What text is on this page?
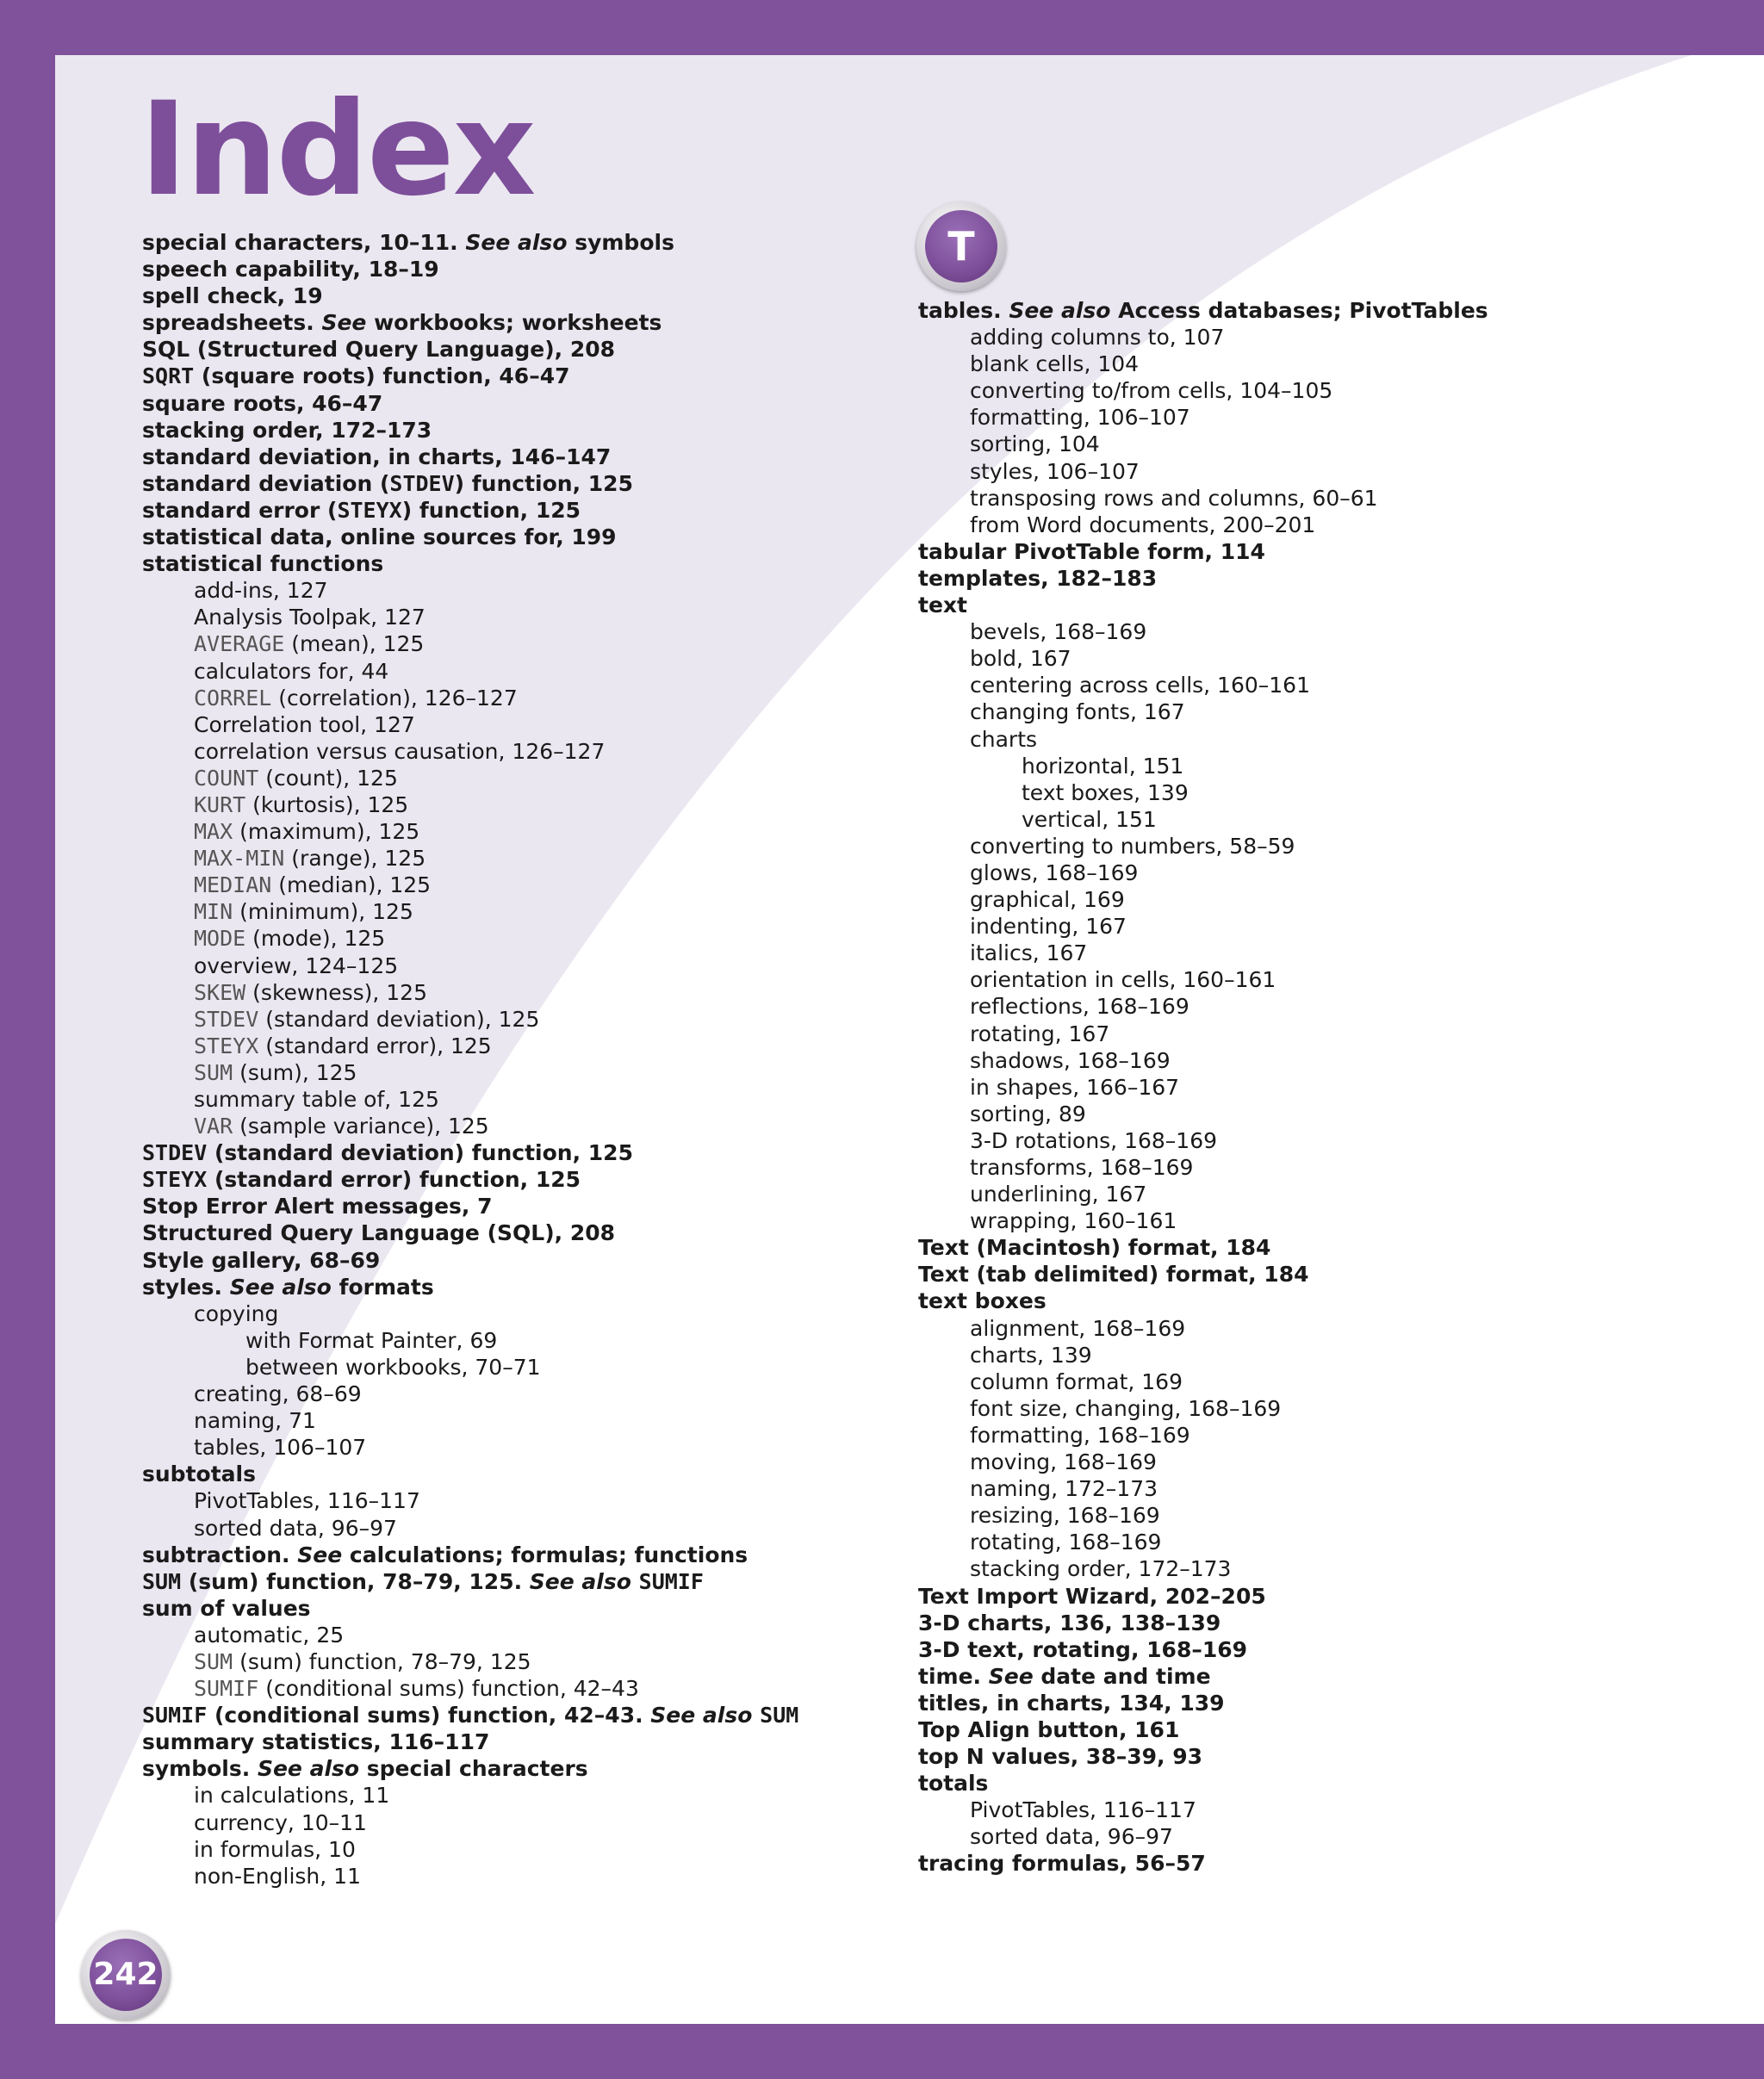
Index
special characters, 10–11. See also symbols
speech capability, 18–19
spell check, 19
spreadsheets. See workbooks; worksheets
SQL (Structured Query Language), 208
SQRT (square roots) function, 46–47
square roots, 46–47
stacking order, 172–173
standard deviation, in charts, 146–147
standard deviation (STDEV) function, 125
standard error (STEYX) function, 125
statistical data, online sources for, 199
statistical functions
add-ins, 127
Analysis Toolpak, 127
AVERAGE (mean), 125
calculators for, 44
CORREL (correlation), 126–127
Correlation tool, 127
correlation versus causation, 126–127
COUNT (count), 125
KURT (kurtosis), 125
MAX (maximum), 125
MAX-MIN (range), 125
MEDIAN (median), 125
MIN (minimum), 125
MODE (mode), 125
overview, 124–125
SKEW (skewness), 125
STDEV (standard deviation), 125
STEYX (standard error), 125
SUM (sum), 125
summary table of, 125
VAR (sample variance), 125
STDEV (standard deviation) function, 125
STEYX (standard error) function, 125
Stop Error Alert messages, 7
Structured Query Language (SQL), 208
Style gallery, 68–69
styles. See also formats
copying
with Format Painter, 69
between workbooks, 70–71
creating, 68–69
naming, 71
tables, 106–107
subtotals
PivotTables, 116–117
sorted data, 96–97
subtraction. See calculations; formulas; functions
SUM (sum) function, 78–79, 125. See also SUMIF
sum of values
automatic, 25
SUM (sum) function, 78–79, 125
SUMIF (conditional sums) function, 42–43
SUMIF (conditional sums) function, 42–43. See also SUM
summary statistics, 116–117
symbols. See also special characters
in calculations, 11
currency, 10–11
in formulas, 10
non-English, 11
T
tables. See also Access databases; PivotTables
adding columns to, 107
blank cells, 104
converting to/from cells, 104–105
formatting, 106–107
sorting, 104
styles, 106–107
transposing rows and columns, 60–61
from Word documents, 200–201
tabular PivotTable form, 114
templates, 182–183
text
bevels, 168–169
bold, 167
centering across cells, 160–161
changing fonts, 167
charts
horizontal, 151
text boxes, 139
vertical, 151
converting to numbers, 58–59
glows, 168–169
graphical, 169
indenting, 167
italics, 167
orientation in cells, 160–161
reflections, 168–169
rotating, 167
shadows, 168–169
in shapes, 166–167
sorting, 89
3-D rotations, 168–169
transforms, 168–169
underlining, 167
wrapping, 160–161
Text (Macintosh) format, 184
Text (tab delimited) format, 184
text boxes
alignment, 168–169
charts, 139
column format, 169
font size, changing, 168–169
formatting, 168–169
moving, 168–169
naming, 172–173
resizing, 168–169
rotating, 168–169
stacking order, 172–173
Text Import Wizard, 202–205
3-D charts, 136, 138–139
3-D text, rotating, 168–169
time. See date and time
titles, in charts, 134, 139
Top Align button, 161
top N values, 38–39, 93
totals
PivotTables, 116–117
sorted data, 96–97
tracing formulas, 56–57
242
